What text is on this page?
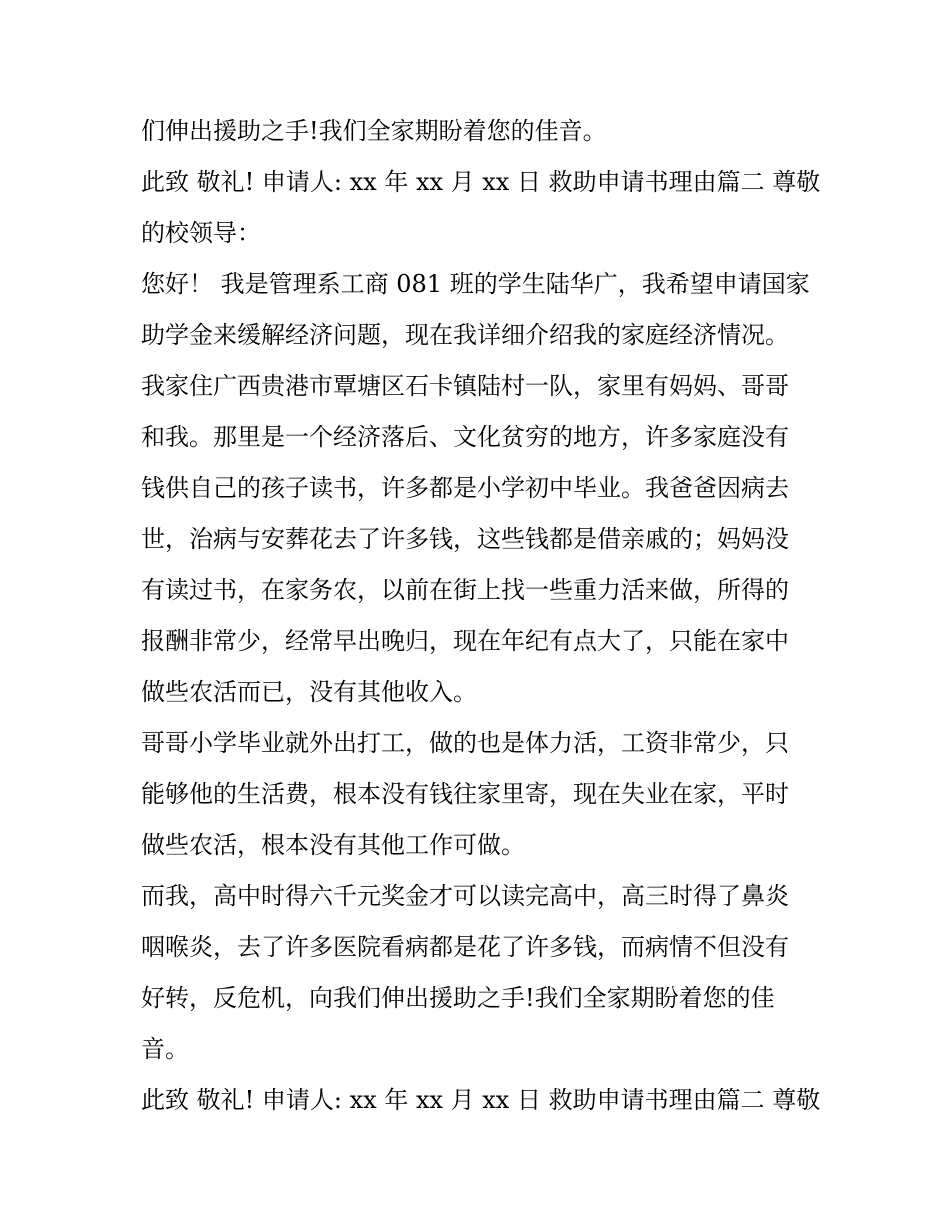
们伸出援助之手!我们全家期盼着您的佳音。
此致 敬礼! 申请人: xx 年 xx 月 xx 日 救助申请书理由篇二 尊敬
的校领导：
您好！ 我是管理系工商 081 班的学生陆华广，我希望申请国家
助学金来缓解经济问题，现在我详细介绍我的家庭经济情况。
我家住广西贵港市覃塘区石卡镇陆村一队，家里有妈妈、哥哥
和我。那里是一个经济落后、文化贫穷的地方，许多家庭没有
钱供自己的孩子读书，许多都是小学初中毕业。我爸爸因病去
世，治病与安葬花去了许多钱，这些钱都是借亲戚的；妈妈没
有读过书，在家务农，以前在街上找一些重力活来做，所得的
报酬非常少，经常早出晚归，现在年纪有点大了，只能在家中
做些农活而已，没有其他收入。
哥哥小学毕业就外出打工，做的也是体力活，工资非常少，只
能够他的生活费，根本没有钱往家里寄，现在失业在家，平时
做些农活，根本没有其他工作可做。
而我，高中时得六千元奖金才可以读完高中，高三时得了鼻炎
咽喉炎，去了许多医院看病都是花了许多钱，而病情不但没有
好转，反危机，向我们伸出援助之手!我们全家期盼着您的佳
音。
此致 敬礼! 申请人: xx 年 xx 月 xx 日 救助申请书理由篇二 尊敬
